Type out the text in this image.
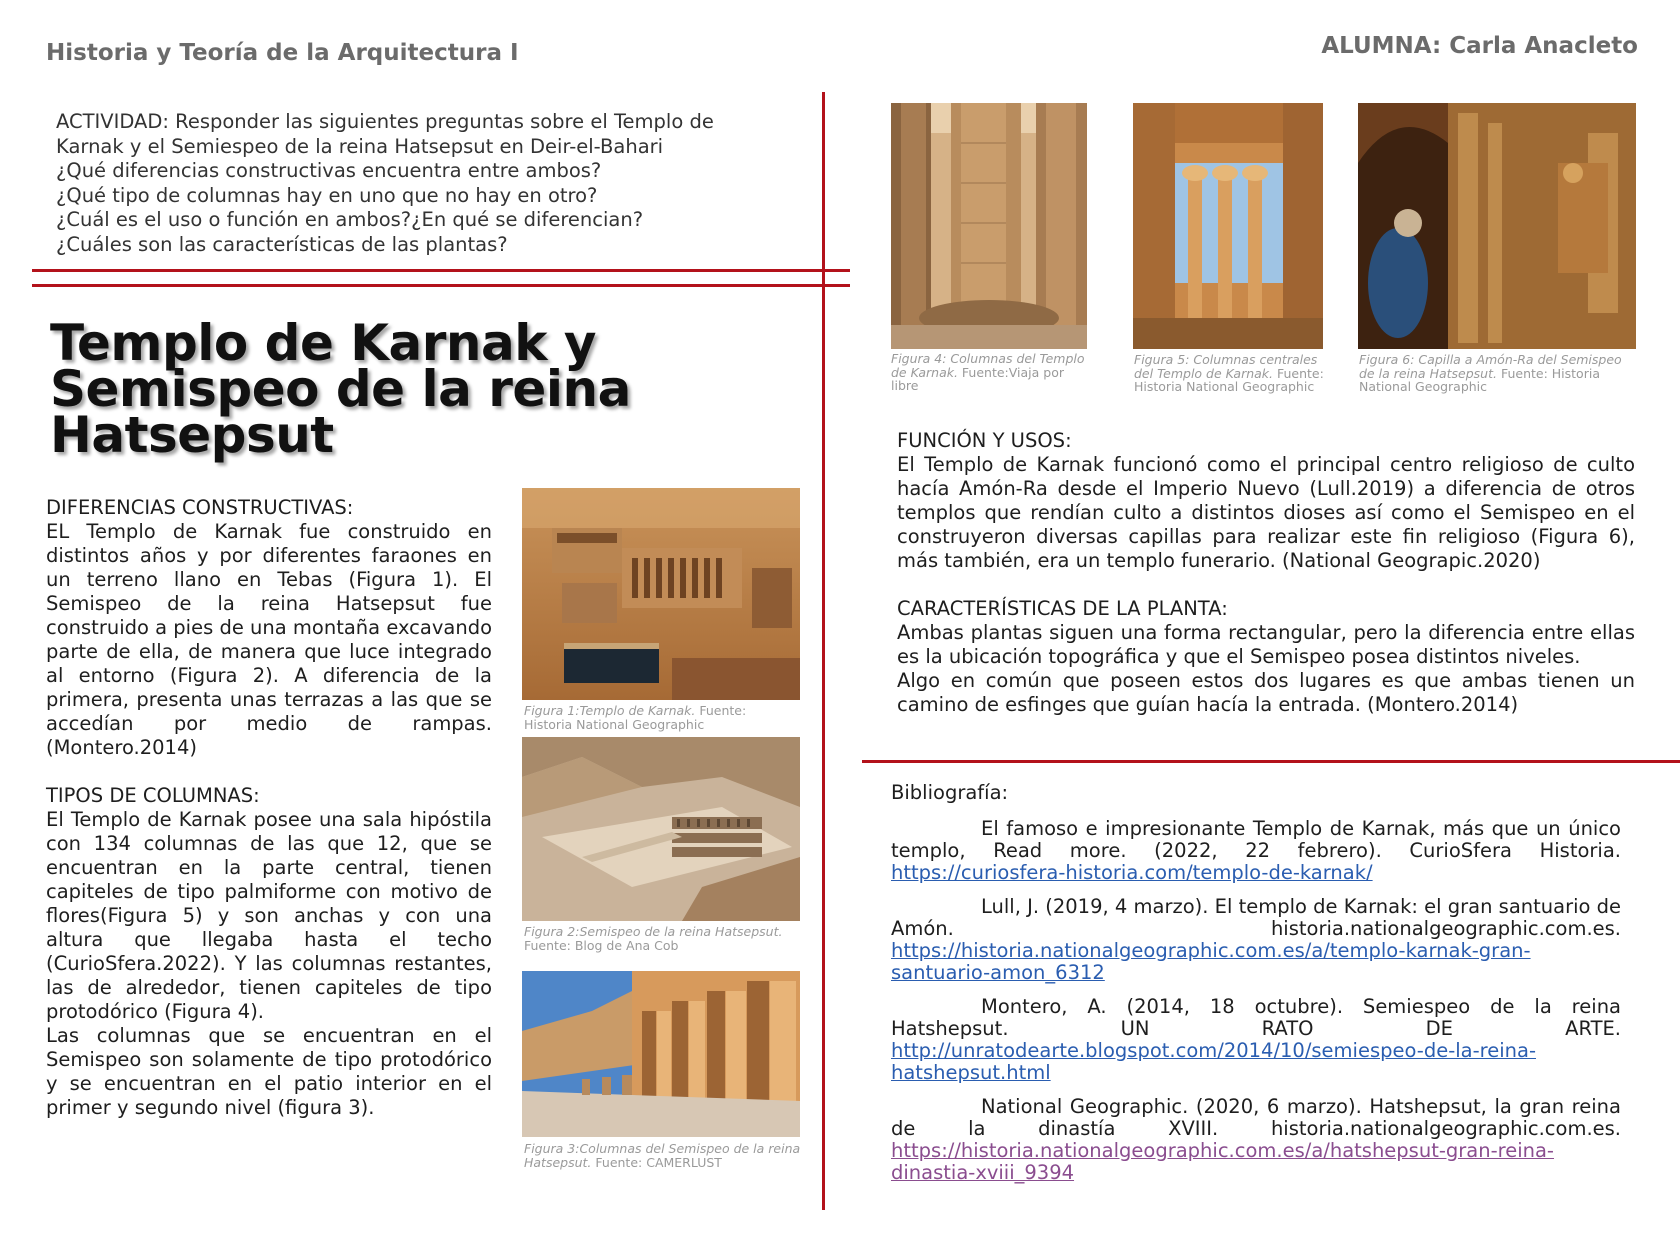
Historia y Teoría de la Arquitectura I	ALUMNA: Carla Anacleto
ACTIVIDAD: Responder las siguientes preguntas sobre el Templo de
Karnak y el Semiespeo de la reina Hatsepsut en Deir-el-Bahari
¿Qué diferencias constructivas encuentra entre ambos?
¿Qué tipo de columnas hay en uno que no hay en otro?
¿Cuál es el uso o función en ambos?¿En qué se diferencian?
¿Cuáles son las características de las plantas?
Templo de Karnak y
Semispeo de la reina
Hatsepsut
DIFERENCIAS CONSTRUCTIVAS:

EL Templo de Karnak fue construido en distintos años y por diferentes faraones en un terreno llano en Tebas (Figura 1). El Semispeo de la reina Hatsepsut fue construido a pies de una montaña excavando parte de ella, de manera que luce integrado al entorno (Figura 2). A diferencia de la primera, presenta unas terrazas a las que se accedían por medio de rampas. (Montero.2014)

TIPOS DE COLUMNAS:

El Templo de Karnak posee una sala hipóstila con 134 columnas de las que 12, que se encuentran en la parte central, tienen capiteles de tipo palmiforme con motivo de flores(Figura 5) y son anchas y con una altura que llegaba hasta el techo (CurioSfera.2022). Y las columnas restantes, las de alrededor, tienen capiteles de tipo protodórico (Figura 4).

Las columnas que se encuentran en el Semispeo son solamente de tipo protodórico y se encuentran en el patio interior en el primer y segundo nivel (figura 3).

Figura 1:Templo de Karnak. Fuente: Historia National Geographic
Figura 2:Semispeo de la reina Hatsepsut. Fuente: Blog de Ana Cob
Figura 3:Columnas del Semispeo de la reina Hatsepsut. Fuente: CAMERLUST
Figura 4: Columnas del Templo de Karnak. Fuente:Viaja por libre
Figura 5: Columnas centrales del Templo de Karnak. Fuente: Historia National Geographic
Figura 6: Capilla a Amón-Ra del Semispeo de la reina Hatsepsut. Fuente: Historia National Geographic
FUNCIÓN Y USOS:

El Templo de Karnak funcionó como el principal centro religioso de culto hacía Amón-Ra desde el Imperio Nuevo (Lull.2019) a diferencia de otros templos que rendían culto a distintos dioses así como el Semispeo en el construyeron diversas capillas para realizar este fin religioso (Figura 6), más también, era un templo funerario. (National Geograpic.2020)

CARACTERÍSTICAS DE LA PLANTA:

Ambas plantas siguen una forma rectangular, pero la diferencia entre ellas es la ubicación topográfica y que el Semispeo posea distintos niveles.

Algo en común que poseen estos dos lugares es que ambas tienen un camino de esfinges que guían hacía la entrada. (Montero.2014)

Bibliografía:
El famoso e impresionante Templo de Karnak, más que un único templo, Read more. (2022, 22 febrero). CurioSfera Historia. https://curiosfera-historia.com/templo-de-karnak/
Lull, J. (2019, 4 marzo). El templo de Karnak: el gran santuario de Amón. historia.nationalgeographic.com.es. https://historia.nationalgeographic.com.es/a/templo-karnak-gran-santuario-amon_6312
Montero, A. (2014, 18 octubre). Semiespeo de la reina Hatshepsut. UN RATO DE ARTE. http://unratodearte.blogspot.com/2014/10/semiespeo-de-la-reina-hatshepsut.html
National Geographic. (2020, 6 marzo). Hatshepsut, la gran reina de la dinastía XVIII. historia.nationalgeographic.com.es. https://historia.nationalgeographic.com.es/a/hatshepsut-gran-reina-dinastia-xviii_9394
